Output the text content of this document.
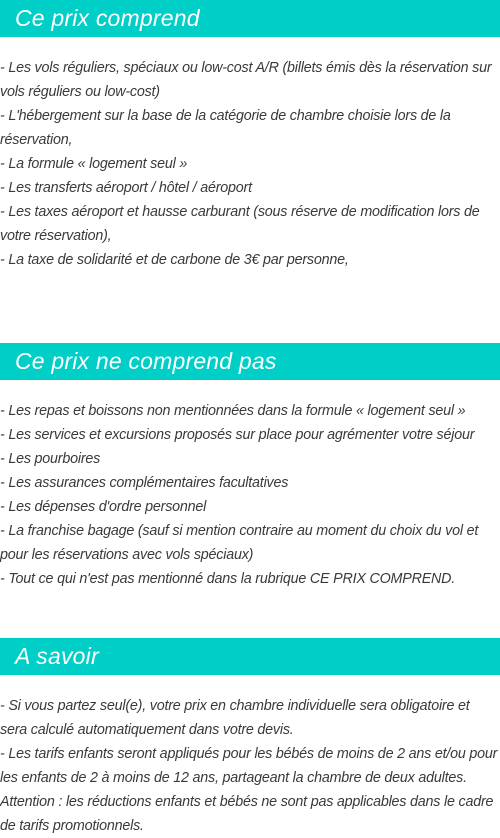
Ce prix comprend
- Les vols réguliers, spéciaux ou low-cost A/R (billets émis dès la réservation sur
vols réguliers ou low-cost)
- L'hébergement sur la base de la catégorie de chambre choisie lors de la
réservation,
- La formule « logement seul »
- Les transferts aéroport / hôtel / aéroport
- Les taxes aéroport et hausse carburant (sous réserve de modification lors de
votre réservation),
- La taxe de solidarité et de carbone de 3€ par personne,
Ce prix ne comprend pas
- Les repas et boissons non mentionnées dans la formule « logement seul »
- Les services et excursions proposés sur place pour agrémenter votre séjour
- Les pourboires
- Les assurances complémentaires facultatives
- Les dépenses d'ordre personnel
- La franchise bagage (sauf si mention contraire au moment du choix du vol et
pour les réservations avec vols spéciaux)
- Tout ce qui n'est pas mentionné dans la rubrique CE PRIX COMPREND.
A savoir
- Si vous partez seul(e), votre prix en chambre individuelle sera obligatoire et
sera calculé automatiquement dans votre devis.
- Les tarifs enfants seront appliqués pour les bébés de moins de 2 ans et/ou pour
les enfants de 2 à moins de 12 ans, partageant la chambre de deux adultes.
Attention : les réductions enfants et bébés ne sont pas applicables dans le cadre
de tarifs promotionnels.
